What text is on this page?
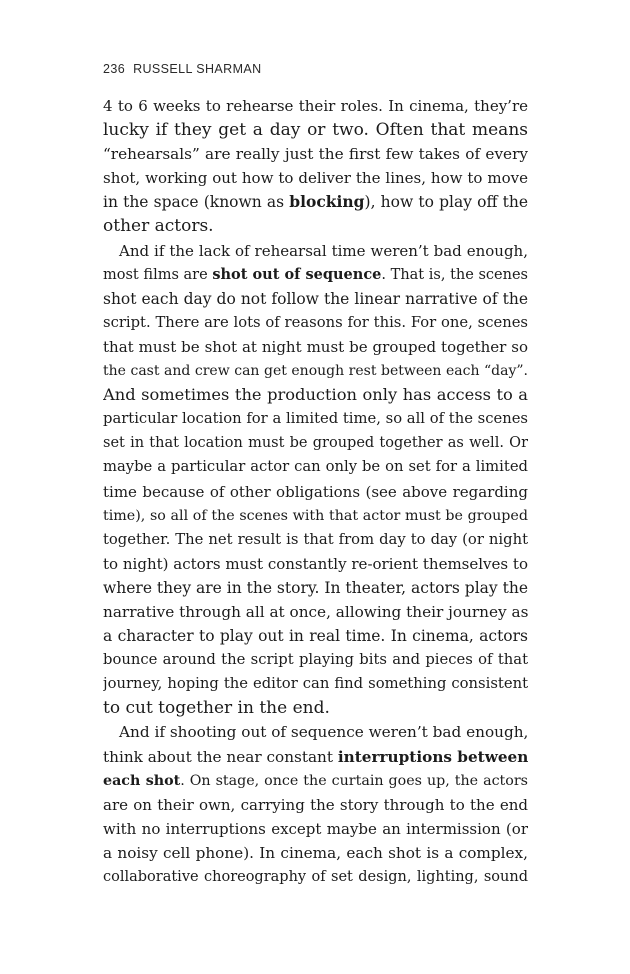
236 RUSSELL SHARMAN
4 to 6 weeks to rehearse their roles. In cinema, they’re
lucky if they get a day or two. Often that means
“rehearsals” are really just the first few takes of every
shot, working out how to deliver the lines, how to move
in the space (known as blocking), how to play off the
other actors.
And if the lack of rehearsal time weren’t bad enough,
most films are shot out of sequence. That is, the scenes
shot each day do not follow the linear narrative of the
script. There are lots of reasons for this. For one, scenes
that must be shot at night must be grouped together so
the cast and crew can get enough rest between each “day”.
And sometimes the production only has access to a
particular location for a limited time, so all of the scenes
set in that location must be grouped together as well. Or
maybe a particular actor can only be on set for a limited
time because of other obligations (see above regarding
time), so all of the scenes with that actor must be grouped
together. The net result is that from day to day (or night
to night) actors must constantly re-orient themselves to
where they are in the story. In theater, actors play the
narrative through all at once, allowing their journey as
a character to play out in real time. In cinema, actors
bounce around the script playing bits and pieces of that
journey, hoping the editor can find something consistent
to cut together in the end.
And if shooting out of sequence weren’t bad enough,
think about the near constant interruptions between
each shot. On stage, once the curtain goes up, the actors
are on their own, carrying the story through to the end
with no interruptions except maybe an intermission (or
a noisy cell phone). In cinema, each shot is a complex,
collaborative choreography of set design, lighting, sound
